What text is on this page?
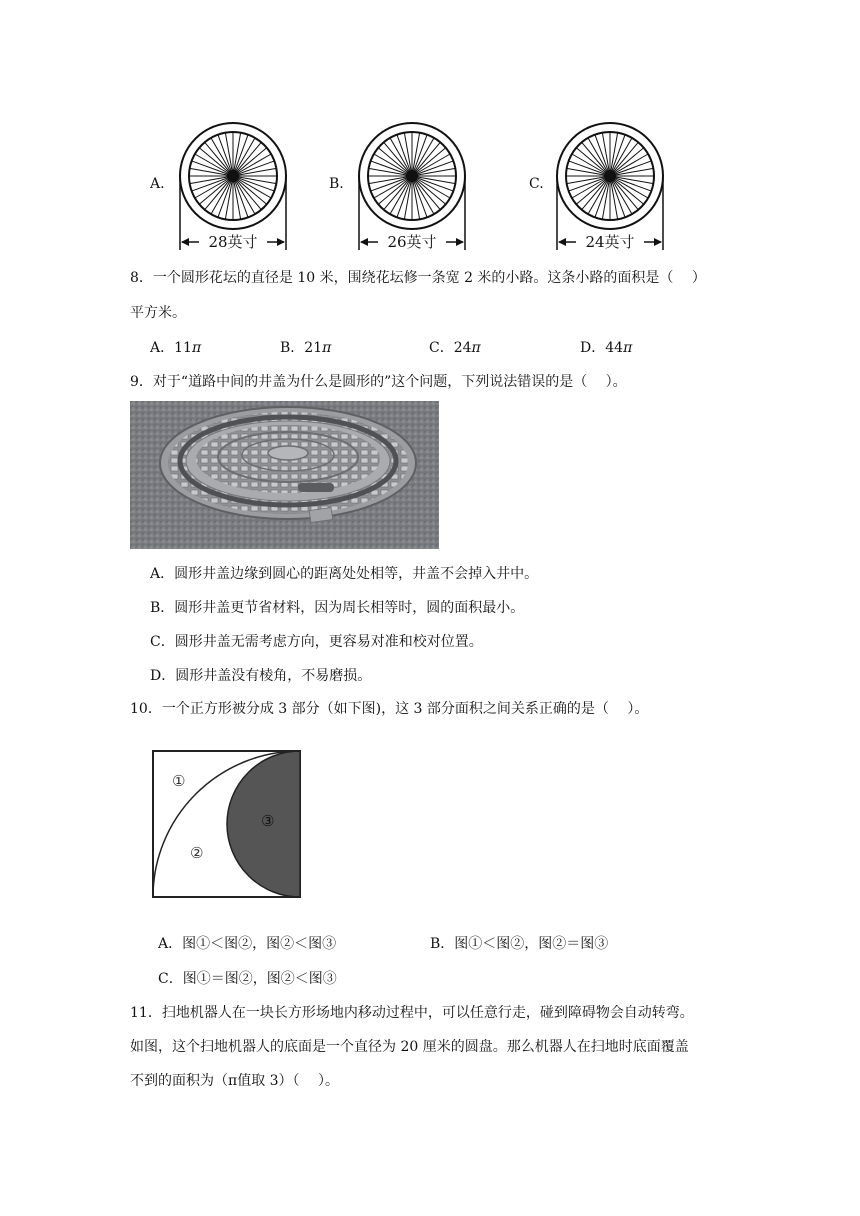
A.
28英寸
B.
26英寸
C.
24英寸
8．一个圆形花坛的直径是 10 米，围绕花坛修一条宽 2 米的小路。这条小路的面积是（　 ）
平方米。
A．11π	B．21π	C．24π	D．44π
9．对于“道路中间的井盖为什么是圆形的”这个问题，下列说法错误的是（　 ）。
A．圆形井盖边缘到圆心的距离处处相等，井盖不会掉入井中。
B．圆形井盖更节省材料，因为周长相等时，圆的面积最小。
C．圆形井盖无需考虑方向，更容易对准和校对位置。
D．圆形井盖没有棱角，不易磨损。
10．一个正方形被分成 3 部分（如下图)，这 3 部分面积之间关系正确的是（　 ）。
①
②
③
A．图①＜图②，图②＜图③	B．图①＜图②，图②＝图③
C．图①＝图②，图②＜图③
11．扫地机器人在一块长方形场地内移动过程中，可以任意行走，碰到障碍物会自动转弯。
如图，这个扫地机器人的底面是一个直径为 20 厘米的圆盘。那么机器人在扫地时底面覆盖
不到的面积为（π值取 3）（　 ）。
